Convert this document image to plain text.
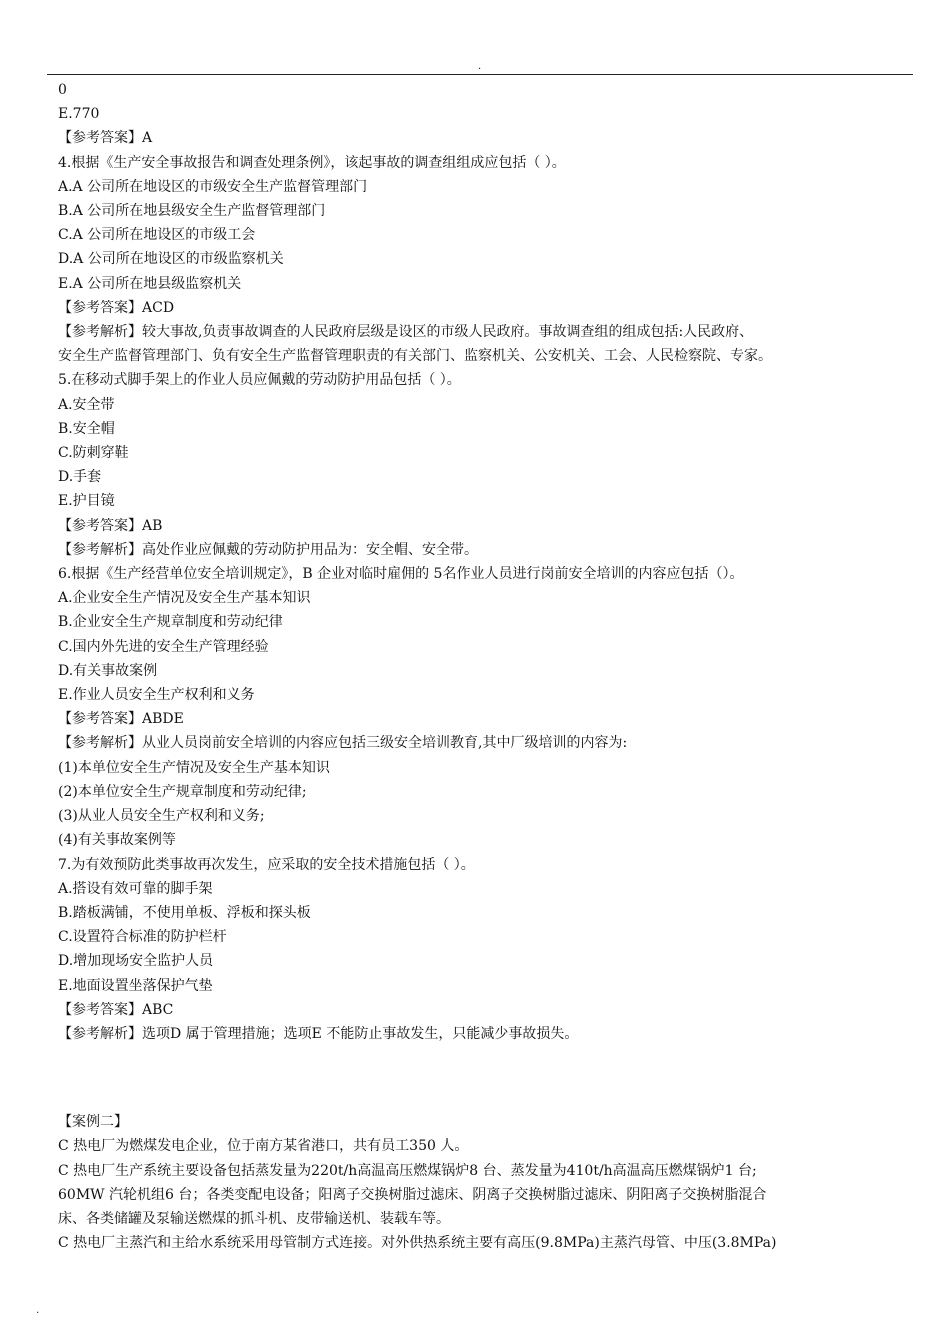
.
0
E.770
【参考答案】A
4.根据《生产安全事故报告和调查处理条例》，该起事故的调查组组成应包括（ ）。
A.A 公司所在地设区的市级安全生产监督管理部门
B.A 公司所在地县级安全生产监督管理部门
C.A 公司所在地设区的市级工会
D.A 公司所在地设区的市级监察机关
E.A 公司所在地县级监察机关
【参考答案】ACD
【参考解析】较大事故,负责事故调查的人民政府层级是设区的市级人民政府。事故调查组的组成包括:人民政府、
安全生产监督管理部门、负有安全生产监督管理职责的有关部门、监察机关、公安机关、工会、人民检察院、专家。
5.在移动式脚手架上的作业人员应佩戴的劳动防护用品包括（ ）。
A.安全带
B.安全帽
C.防刺穿鞋
D.手套
E.护目镜
【参考答案】AB
【参考解析】高处作业应佩戴的劳动防护用品为：安全帽、安全带。
6.根据《生产经营单位安全培训规定》，B 企业对临时雇佣的 5名作业人员进行岗前安全培训的内容应包括（）。
A.企业安全生产情况及安全生产基本知识
B.企业安全生产规章制度和劳动纪律
C.国内外先进的安全生产管理经验
D.有关事故案例
E.作业人员安全生产权利和义务
【参考答案】ABDE
【参考解析】从业人员岗前安全培训的内容应包括三级安全培训教育,其中厂级培训的内容为:
(1)本单位安全生产情况及安全生产基本知识
(2)本单位安全生产规章制度和劳动纪律;
(3)从业人员安全生产权利和义务;
(4)有关事故案例等
7.为有效预防此类事故再次发生，应采取的安全技术措施包括（ ）。
A.搭设有效可靠的脚手架
B.踏板满铺，不使用单板、浮板和探头板
C.设置符合标准的防护栏杆
D.增加现场安全监护人员
E.地面设置坐落保护气垫
【参考答案】ABC
【参考解析】选项D 属于管理措施；选项E 不能防止事故发生，只能减少事故损失。
【案例二】
C 热电厂为燃煤发电企业，位于南方某省港口，共有员工350 人。
C 热电厂生产系统主要设备包括蒸发量为220t/h高温高压燃煤锅炉8 台、蒸发量为410t/h高温高压燃煤锅炉1 台;
60MW 汽轮机组6 台；各类变配电设备；阳离子交换树脂过滤床、阴离子交换树脂过滤床、阴阳离子交换树脂混合
床、各类储罐及泵输送燃煤的抓斗机、皮带输送机、装载车等。
C 热电厂主蒸汽和主给水系统采用母管制方式连接。对外供热系统主要有高压(9.8MPa)主蒸汽母管、中压(3.8MPa)
.
